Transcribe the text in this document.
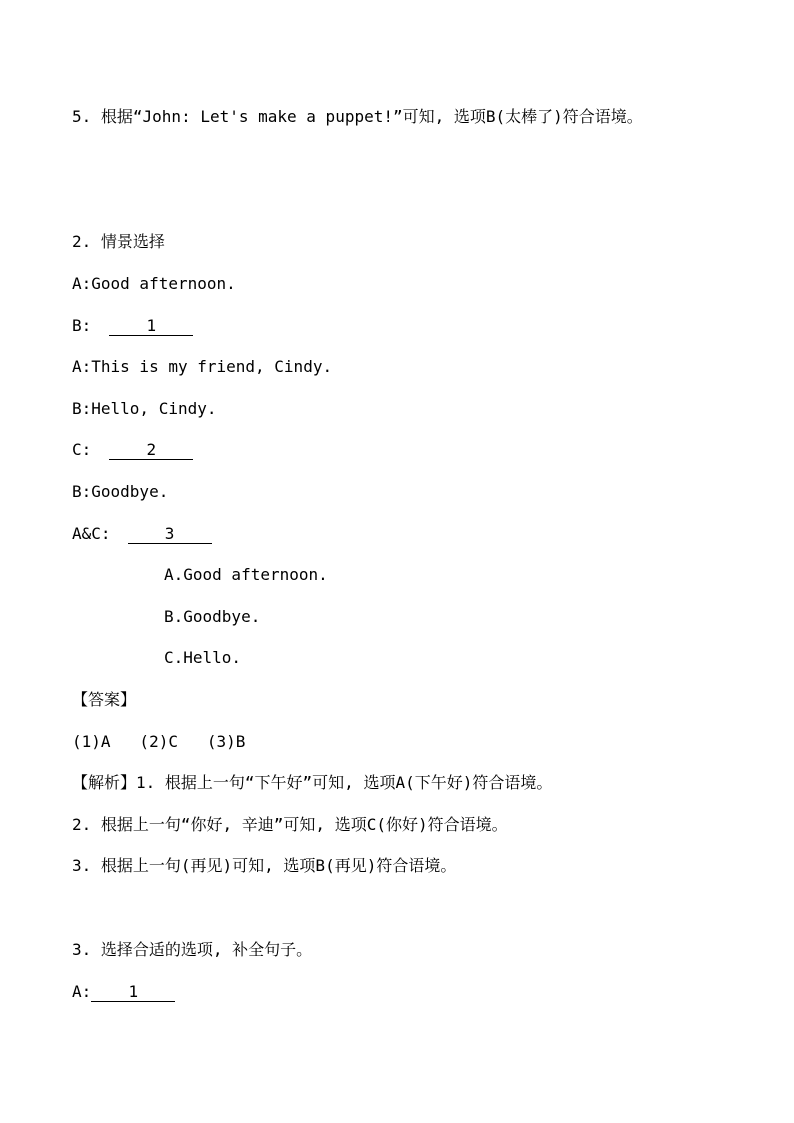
5. 根据“John: Let's make a puppet!”可知, 选项B(太棒了)符合语境。
2. 情景选择
A:Good afternoon.
B:	1
A:This is my friend, Cindy.
B:Hello, Cindy.
C:	2
B:Goodbye.
A&C:	3
A.Good afternoon.
B.Goodbye.
C.Hello.
【答案】
(1)A   (2)C   (3)B
【解析】1. 根据上一句“下午好”可知, 选项A(下午好)符合语境。
2. 根据上一句“你好, 辛迪”可知, 选项C(你好)符合语境。
3. 根据上一句(再见)可知, 选项B(再见)符合语境。
3. 选择合适的选项, 补全句子。
A: 1
